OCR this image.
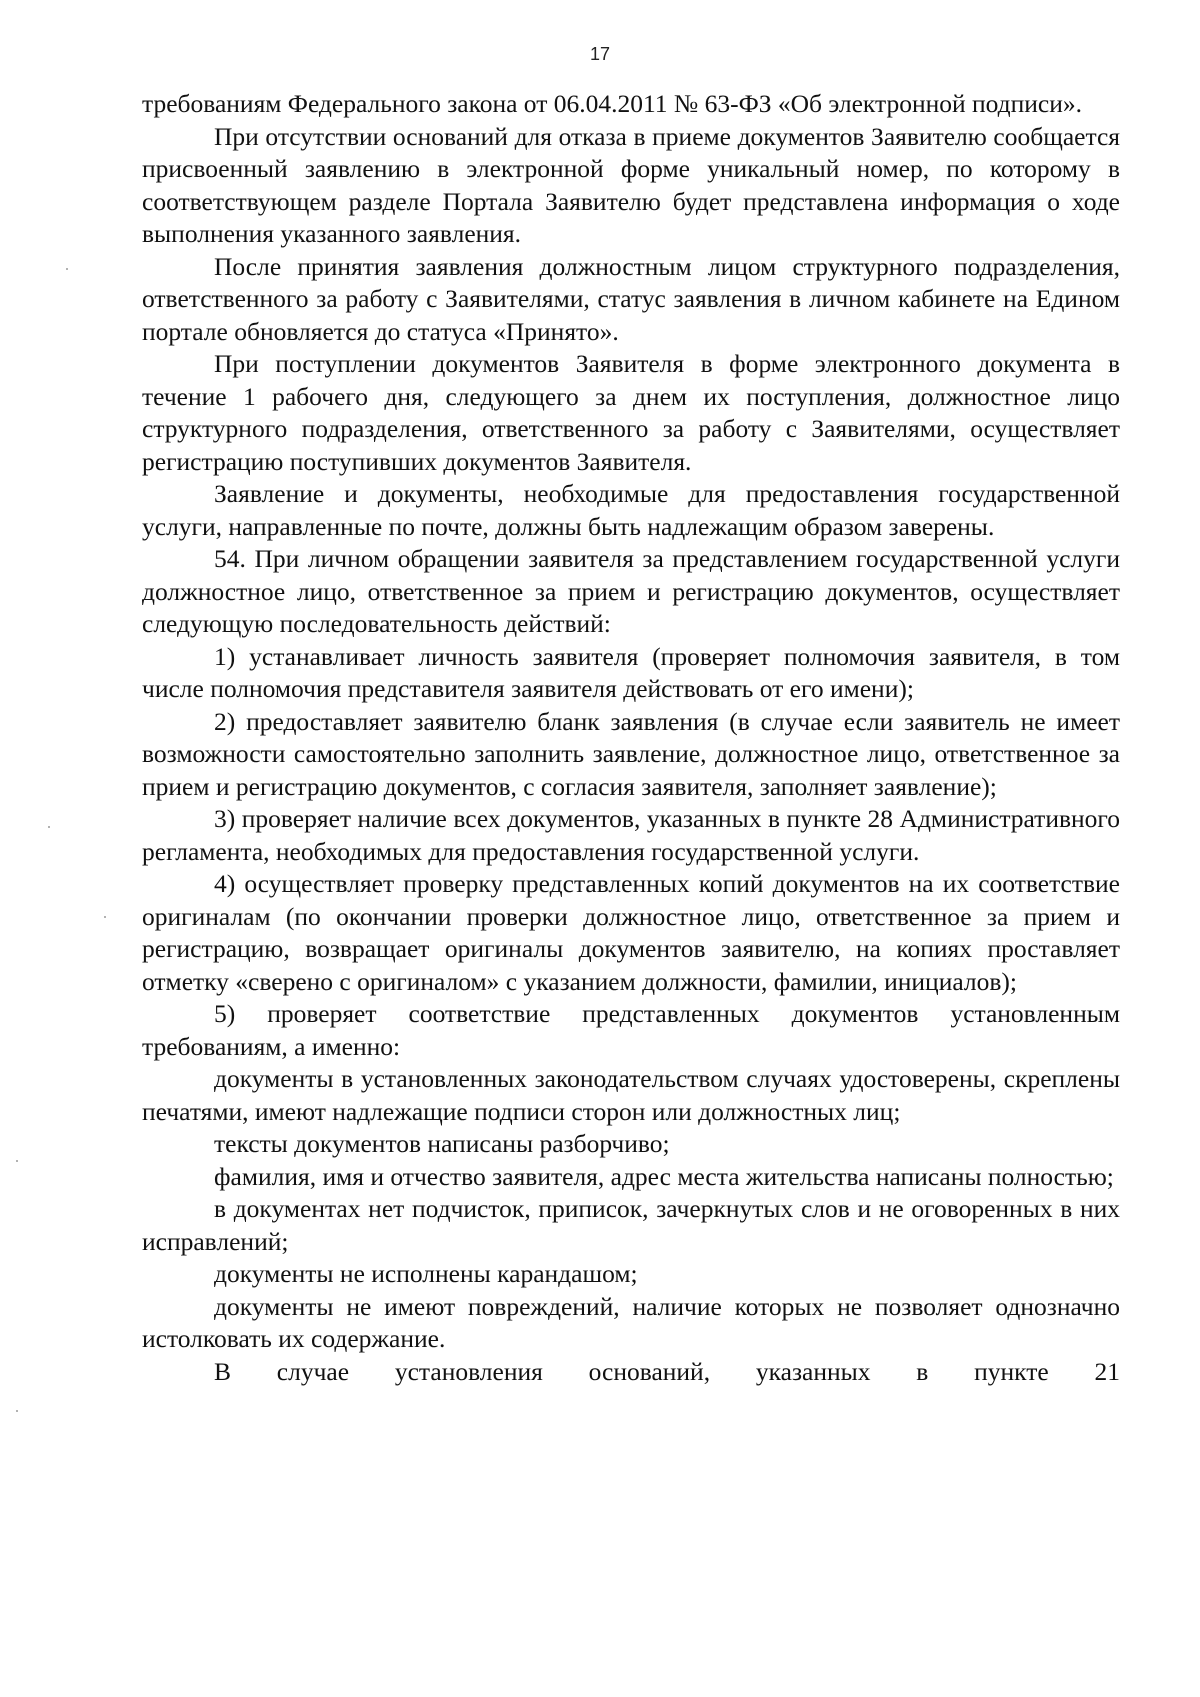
17

требованиям Федерального закона от 06.04.2011 № 63-ФЗ «Об электронной подписи».

При отсутствии оснований для отказа в приеме документов Заявителю сообщается присвоенный заявлению в электронной форме уникальный номер, по которому в соответствующем разделе Портала Заявителю будет представлена информация о ходе выполнения указанного заявления.

После принятия заявления должностным лицом структурного подразделения, ответственного за работу с Заявителями, статус заявления в личном кабинете на Едином портале обновляется до статуса «Принято».

При поступлении документов Заявителя в форме электронного документа в течение 1 рабочего дня, следующего за днем их поступления, должностное лицо структурного подразделения, ответственного за работу с Заявителями, осуществляет регистрацию поступивших документов Заявителя.

Заявление и документы, необходимые для предоставления государственной услуги, направленные по почте, должны быть надлежащим образом заверены.

54. При личном обращении заявителя за представлением государственной услуги должностное лицо, ответственное за прием и регистрацию документов, осуществляет следующую последовательность действий:

1) устанавливает личность заявителя (проверяет полномочия заявителя, в том числе полномочия представителя заявителя действовать от его имени);

2) предоставляет заявителю бланк заявления (в случае если заявитель не имеет возможности самостоятельно заполнить заявление, должностное лицо, ответственное за прием и регистрацию документов, с согласия заявителя, заполняет заявление);

3) проверяет наличие всех документов, указанных в пункте 28 Административного регламента, необходимых для предоставления государственной услуги.

4) осуществляет проверку представленных копий документов на их соответствие оригиналам (по окончании проверки должностное лицо, ответственное за прием и регистрацию, возвращает оригиналы документов заявителю, на копиях проставляет отметку «сверено с оригиналом» с указанием должности, фамилии, инициалов);

5) проверяет соответствие представленных документов установленным требованиям, а именно:

документы в установленных законодательством случаях удостоверены, скреплены печатями, имеют надлежащие подписи сторон или должностных лиц;

тексты документов написаны разборчиво;

фамилия, имя и отчество заявителя, адрес места жительства написаны полностью;

в документах нет подчисток, приписок, зачеркнутых слов и не оговоренных в них исправлений;

документы не исполнены карандашом;

документы не имеют повреждений, наличие которых не позволяет однозначно истолковать их содержание.

В случае установления оснований, указанных в пункте 21
